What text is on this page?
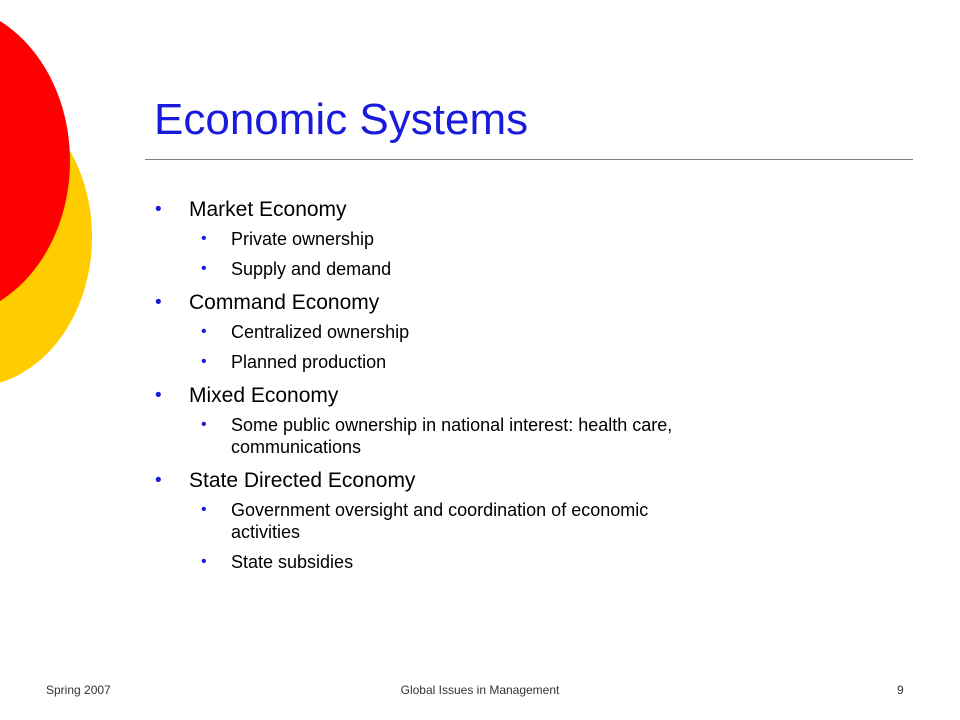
Economic Systems
• Market Economy
• Private ownership
• Supply and demand
• Command Economy
• Centralized ownership
• Planned production
• Mixed Economy
• Some public ownership in national interest: health care, communications
• State Directed Economy
• Government oversight and coordination of economic activities
• State subsidies
Spring 2007	Global Issues in Management	9
